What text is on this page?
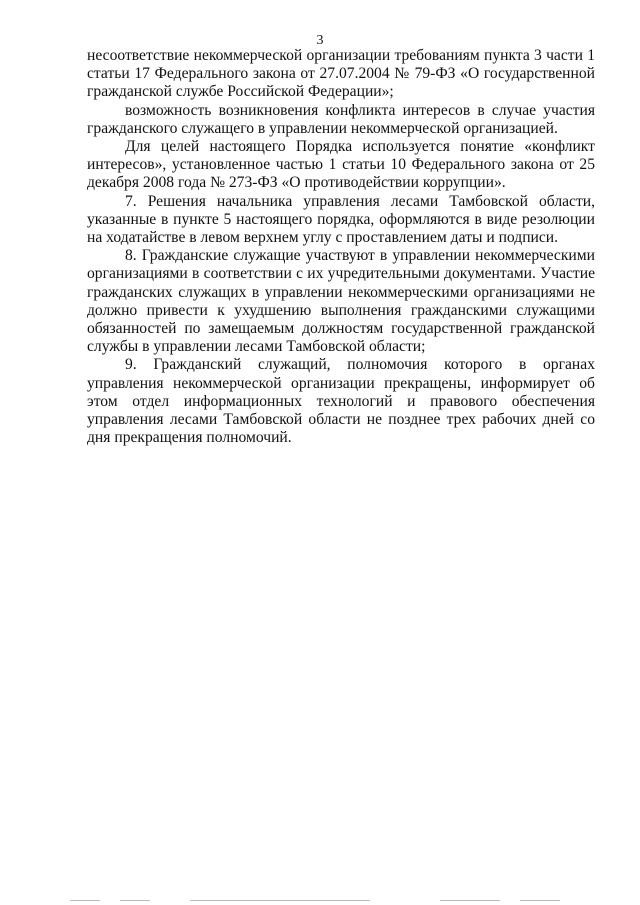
3

несоответствие некоммерческой организации требованиям пункта 3 части 1 статьи 17 Федерального закона от 27.07.2004 № 79-ФЗ «О государственной гражданской службе Российской Федерации»;

возможность возникновения конфликта интересов в случае участия гражданского служащего в управлении некоммерческой организацией.

Для целей настоящего Порядка используется понятие «конфликт интересов», установленное частью 1 статьи 10 Федерального закона от 25 декабря 2008 года № 273-ФЗ «О противодействии коррупции».

7. Решения начальника управления лесами Тамбовской области, указанные в пункте 5 настоящего порядка, оформляются в виде резолюции на ходатайстве в левом верхнем углу с проставлением даты и подписи.

8. Гражданские служащие участвуют в управлении некоммерческими организациями в соответствии с их учредительными документами. Участие гражданских служащих в управлении некоммерческими организациями не должно привести к ухудшению выполнения гражданскими служащими обязанностей по замещаемым должностям государственной гражданской службы в управлении лесами Тамбовской области;

9. Гражданский служащий, полномочия которого в органах управления некоммерческой организации прекращены, информирует об этом отдел информационных технологий и правового обеспечения управления лесами Тамбовской области не позднее трех рабочих дней со дня прекращения полномочий.
